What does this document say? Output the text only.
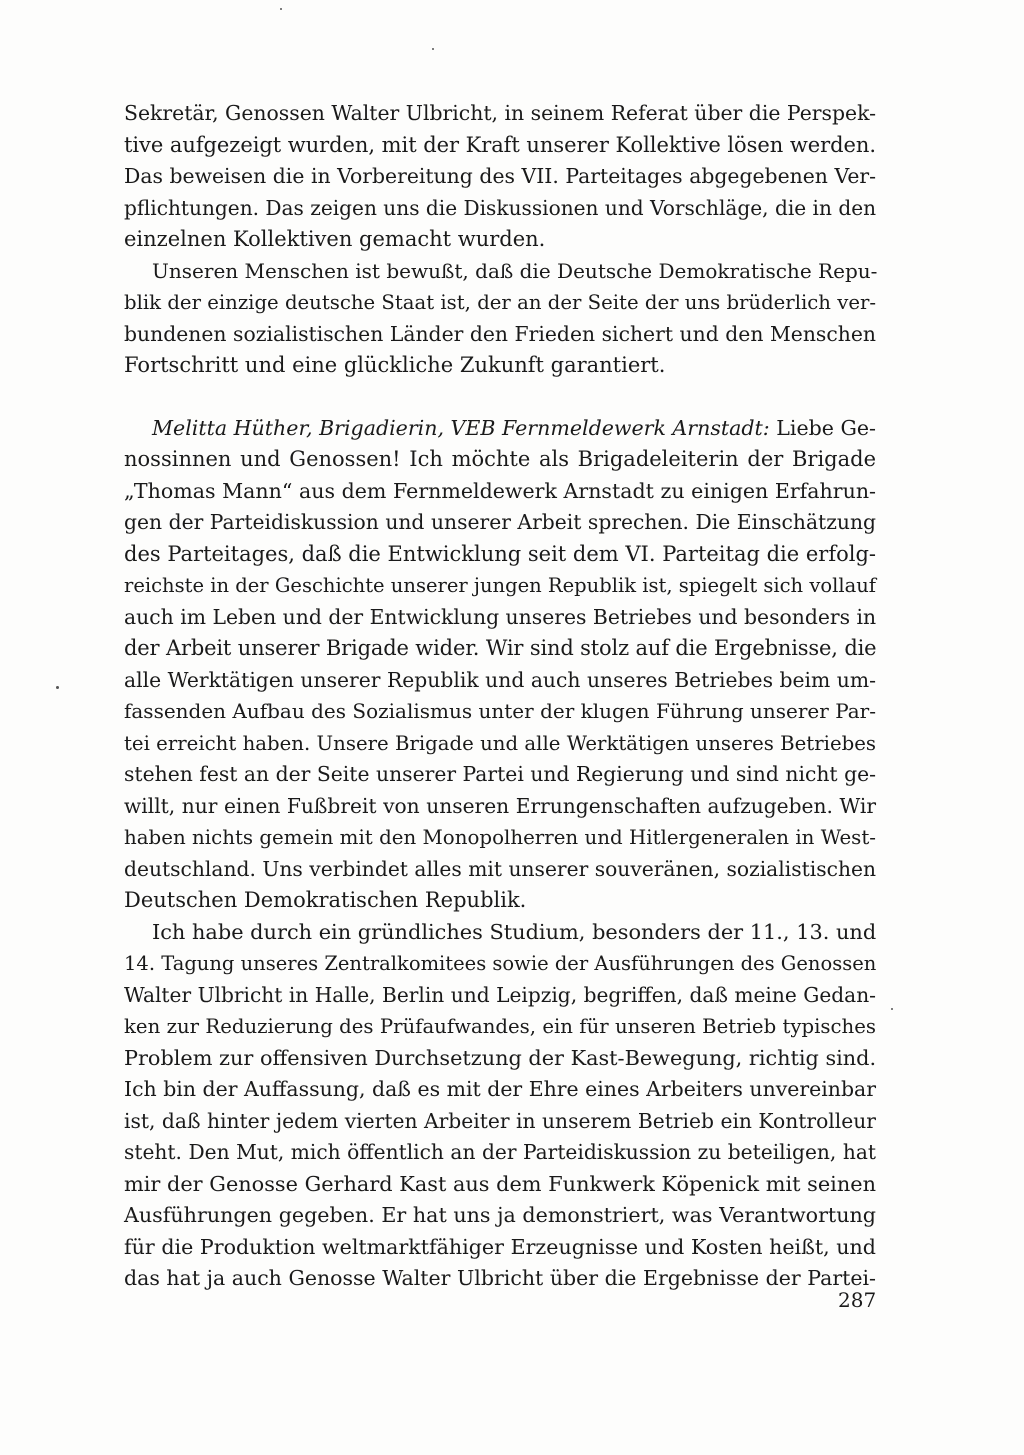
Sekretär, Genossen Walter Ulbricht, in seinem Referat über die Perspek-
tive aufgezeigt wurden, mit der Kraft unserer Kollektive lösen werden.
Das beweisen die in Vorbereitung des VII. Parteitages abgegebenen Ver-
pflichtungen. Das zeigen uns die Diskussionen und Vorschläge, die in den
einzelnen Kollektiven gemacht wurden.

Unseren Menschen ist bewußt, daß die Deutsche Demokratische Repu-
blik der einzige deutsche Staat ist, der an der Seite der uns brüderlich ver-
bundenen sozialistischen Länder den Frieden sichert und den Menschen
Fortschritt und eine glückliche Zukunft garantiert.

Melitta Hüther, Brigadierin, VEB Fernmeldewerk Arnstadt: Liebe Ge-
nossinnen und Genossen! Ich möchte als Brigadeleiterin der Brigade
„Thomas Mann“ aus dem Fernmeldewerk Arnstadt zu einigen Erfahrun-
gen der Parteidiskussion und unserer Arbeit sprechen. Die Einschätzung
des Parteitages, daß die Entwicklung seit dem VI. Parteitag die erfolg-
reichste in der Geschichte unserer jungen Republik ist, spiegelt sich vollauf
auch im Leben und der Entwicklung unseres Betriebes und besonders in
der Arbeit unserer Brigade wider. Wir sind stolz auf die Ergebnisse, die
alle Werktätigen unserer Republik und auch unseres Betriebes beim um-
fassenden Aufbau des Sozialismus unter der klugen Führung unserer Par-
tei erreicht haben. Unsere Brigade und alle Werktätigen unseres Betriebes
stehen fest an der Seite unserer Partei und Regierung und sind nicht ge-
willt, nur einen Fußbreit von unseren Errungenschaften aufzugeben. Wir
haben nichts gemein mit den Monopolherren und Hitlergeneralen in West-
deutschland. Uns verbindet alles mit unserer souveränen, sozialistischen
Deutschen Demokratischen Republik.

Ich habe durch ein gründliches Studium, besonders der 11., 13. und
14. Tagung unseres Zentralkomitees sowie der Ausführungen des Genossen
Walter Ulbricht in Halle, Berlin und Leipzig, begriffen, daß meine Gedan-
ken zur Reduzierung des Prüfaufwandes, ein für unseren Betrieb typisches
Problem zur offensiven Durchsetzung der Kast-Bewegung, richtig sind.
Ich bin der Auffassung, daß es mit der Ehre eines Arbeiters unvereinbar
ist, daß hinter jedem vierten Arbeiter in unserem Betrieb ein Kontrolleur
steht. Den Mut, mich öffentlich an der Parteidiskussion zu beteiligen, hat
mir der Genosse Gerhard Kast aus dem Funkwerk Köpenick mit seinen
Ausführungen gegeben. Er hat uns ja demonstriert, was Verantwortung
für die Produktion weltmarktfähiger Erzeugnisse und Kosten heißt, und
das hat ja auch Genosse Walter Ulbricht über die Ergebnisse der Partei-

287
